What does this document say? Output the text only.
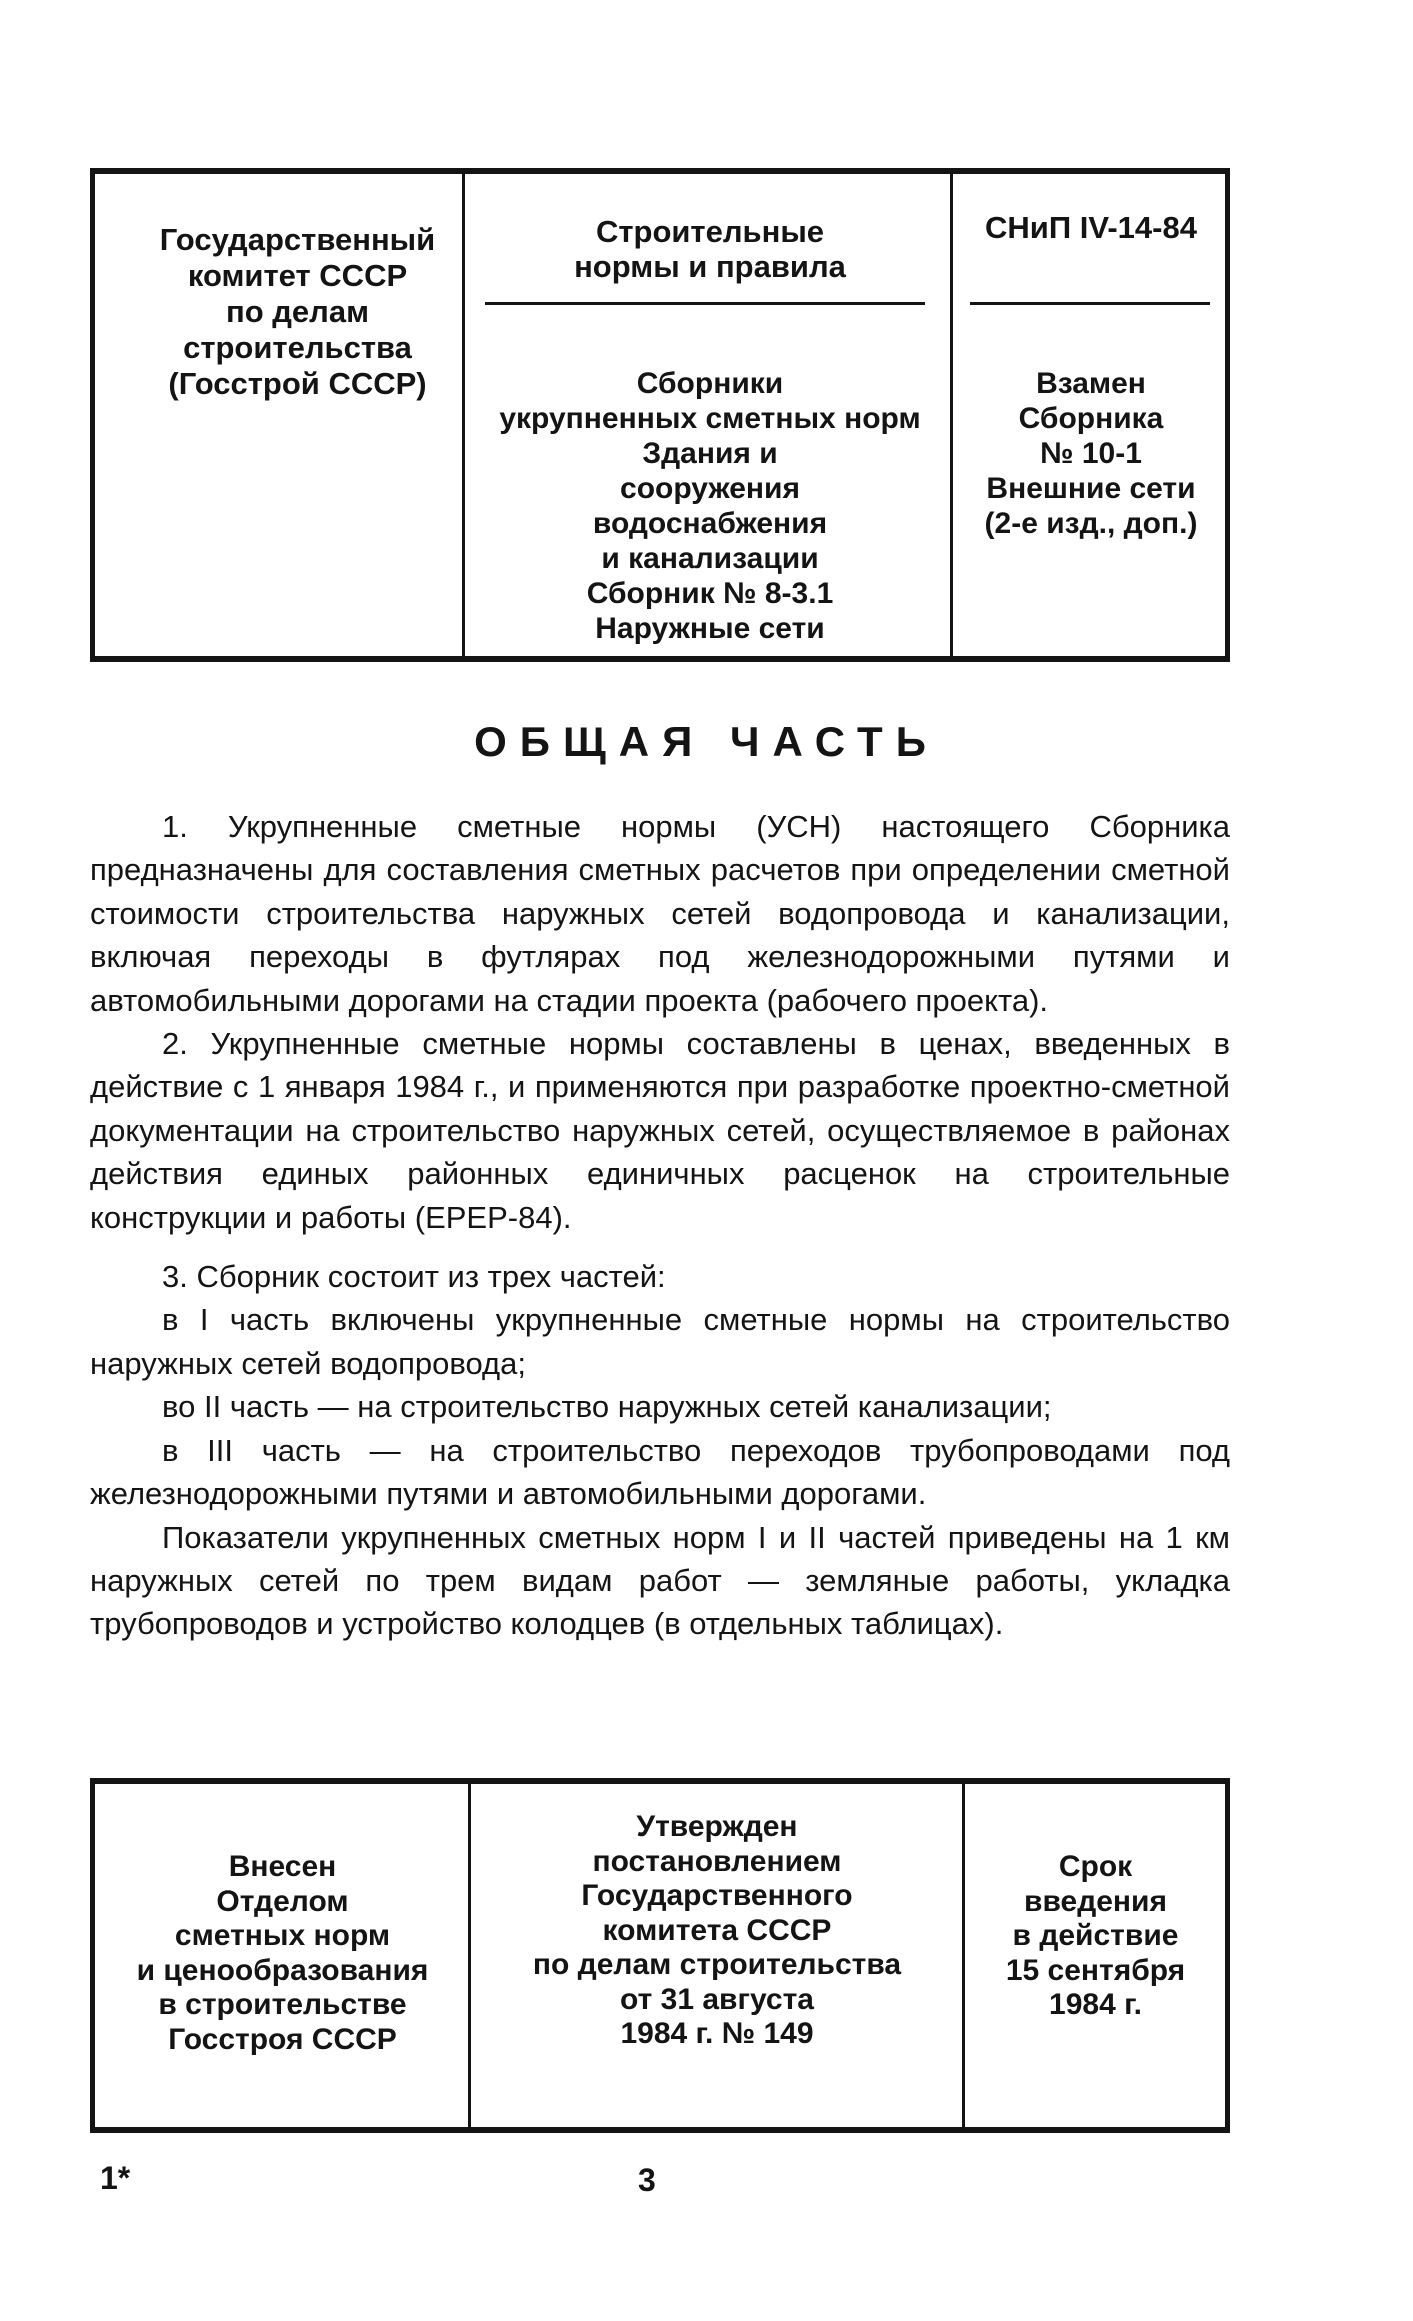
Государственный
комитет СССР
по делам
строительства
(Госстрой СССР)

Строительные
нормы и правила

СНиП IV-14-84

Сборники
укрупненных сметных норм
Здания и
сооружения
водоснабжения
и канализации
Сборник № 8-3.1
Наружные сети

Взамен
Сборника
№ 10-1
Внешние сети
(2-е изд., доп.)

ОБЩАЯ ЧАСТЬ

1. Укрупненные сметные нормы (УСН) настоящего Сборника предназначены для составления сметных расчетов при определении сметной стоимости строительства наружных сетей водопровода и канализации, включая переходы в футлярах под железнодорожными путями и автомобильными дорогами на стадии проекта (рабочего проекта).

2. Укрупненные сметные нормы составлены в ценах, введенных в действие с 1 января 1984 г., и применяются при разработке проектно-сметной документации на строительство наружных сетей, осуществляемое в районах действия единых районных единичных расценок на строительные конструкции и работы (ЕРЕР-84).

3. Сборник состоит из трех частей:

в I часть включены укрупненные сметные нормы на строительство наружных сетей водопровода;

во II часть — на строительство наружных сетей канализации;

в III часть — на строительство переходов трубопроводами под железнодорожными путями и автомобильными дорогами.

Показатели укрупненных сметных норм I и II частей приведены на 1 км наружных сетей по трем видам работ — земляные работы, укладка трубопроводов и устройство колодцев (в отдельных таблицах).

Внесен
Отделом
сметных норм
и ценообразования
в строительстве
Госстроя СССР

Утвержден
постановлением
Государственного
комитета СССР
по делам строительства
от 31 августа
1984 г. № 149

Срок
введения
в действие
15 сентября
1984 г.

1*	3
